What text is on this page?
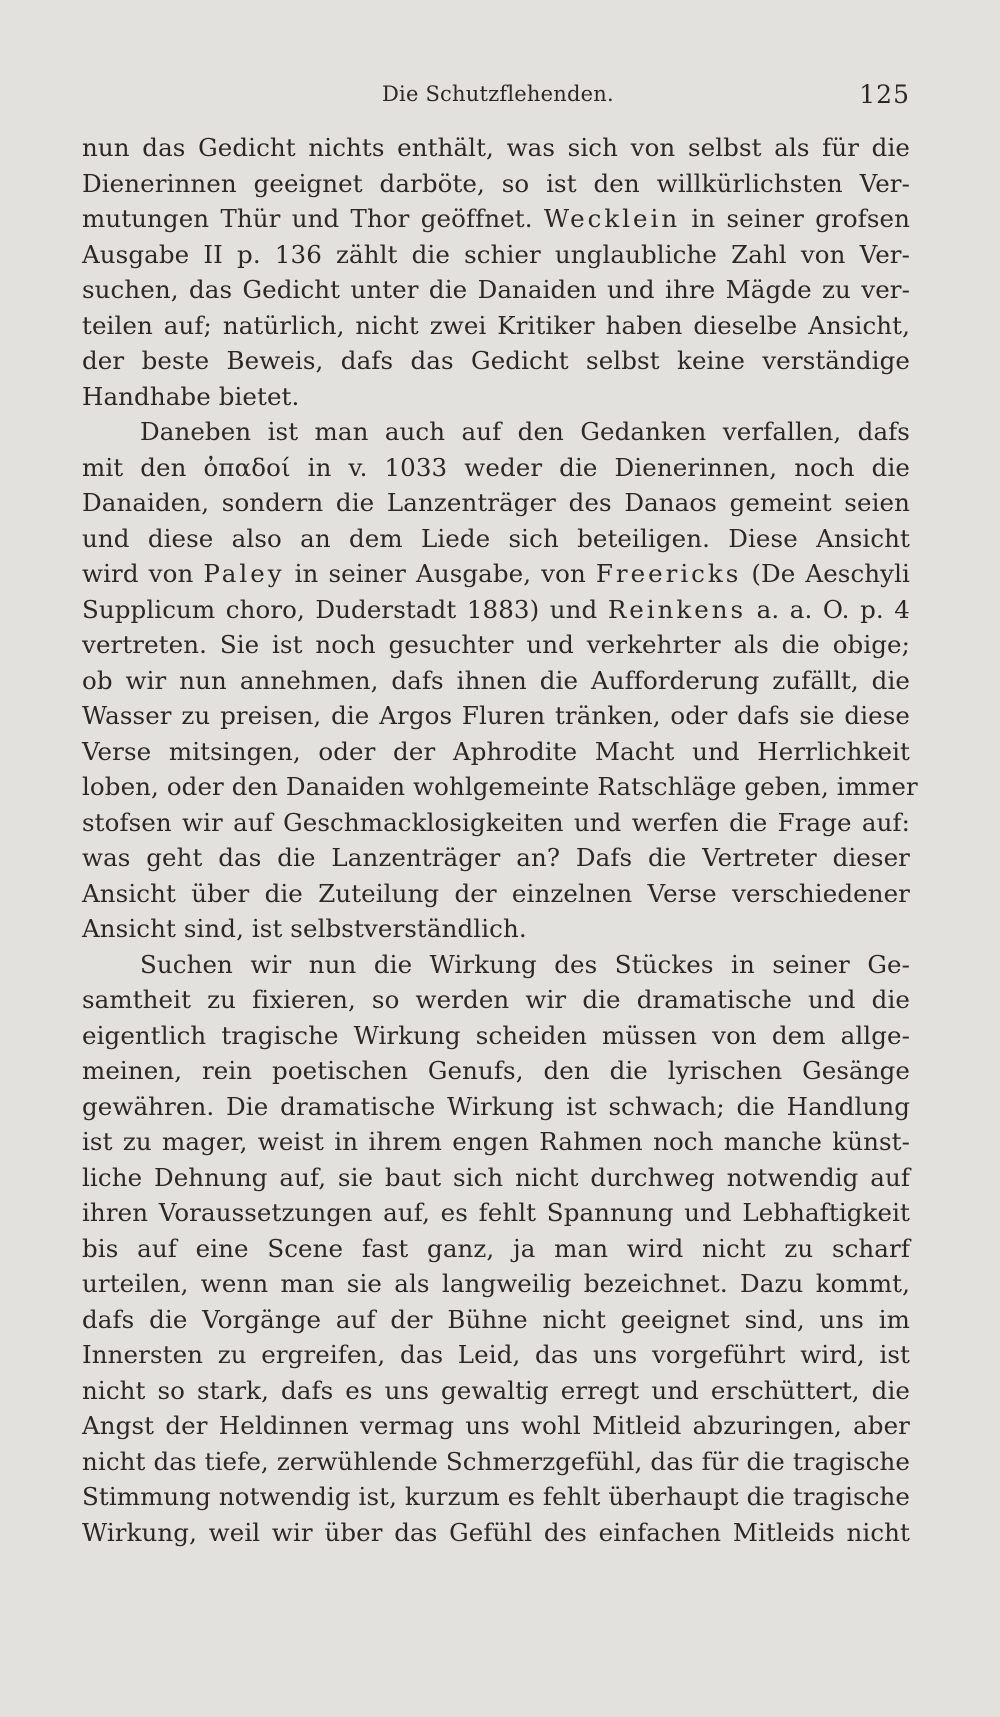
Die Schutzflehenden.	125
nun das Gedicht nichts enthält, was sich von selbst als für die
Dienerinnen geeignet darböte, so ist den willkürlichsten Ver-
mutungen Thür und Thor geöffnet. Wecklein in seiner grofsen
Ausgabe II p. 136 zählt die schier unglaubliche Zahl von Ver-
suchen, das Gedicht unter die Danaiden und ihre Mägde zu ver-
teilen auf; natürlich, nicht zwei Kritiker haben dieselbe Ansicht,
der beste Beweis, dafs das Gedicht selbst keine verständige
Handhabe bietet.
Daneben ist man auch auf den Gedanken verfallen, dafs
mit den ὀπαδοί in v. 1033 weder die Dienerinnen, noch die
Danaiden, sondern die Lanzenträger des Danaos gemeint seien
und diese also an dem Liede sich beteiligen. Diese Ansicht
wird von Paley in seiner Ausgabe, von Freericks (De Aeschyli
Supplicum choro, Duderstadt 1883) und Reinkens a. a. O. p. 4
vertreten. Sie ist noch gesuchter und verkehrter als die obige;
ob wir nun annehmen, dafs ihnen die Aufforderung zufällt, die
Wasser zu preisen, die Argos Fluren tränken, oder dafs sie diese
Verse mitsingen, oder der Aphrodite Macht und Herrlichkeit
loben, oder den Danaiden wohlgemeinte Ratschläge geben, immer
stofsen wir auf Geschmacklosigkeiten und werfen die Frage auf:
was geht das die Lanzenträger an? Dafs die Vertreter dieser
Ansicht über die Zuteilung der einzelnen Verse verschiedener
Ansicht sind, ist selbstverständlich.
Suchen wir nun die Wirkung des Stückes in seiner Ge-
samtheit zu fixieren, so werden wir die dramatische und die
eigentlich tragische Wirkung scheiden müssen von dem allge-
meinen, rein poetischen Genufs, den die lyrischen Gesänge
gewähren. Die dramatische Wirkung ist schwach; die Handlung
ist zu mager, weist in ihrem engen Rahmen noch manche künst-
liche Dehnung auf, sie baut sich nicht durchweg notwendig auf
ihren Voraussetzungen auf, es fehlt Spannung und Lebhaftigkeit
bis auf eine Scene fast ganz, ja man wird nicht zu scharf
urteilen, wenn man sie als langweilig bezeichnet. Dazu kommt,
dafs die Vorgänge auf der Bühne nicht geeignet sind, uns im
Innersten zu ergreifen, das Leid, das uns vorgeführt wird, ist
nicht so stark, dafs es uns gewaltig erregt und erschüttert, die
Angst der Heldinnen vermag uns wohl Mitleid abzuringen, aber
nicht das tiefe, zerwühlende Schmerzgefühl, das für die tragische
Stimmung notwendig ist, kurzum es fehlt überhaupt die tragische
Wirkung, weil wir über das Gefühl des einfachen Mitleids nicht
